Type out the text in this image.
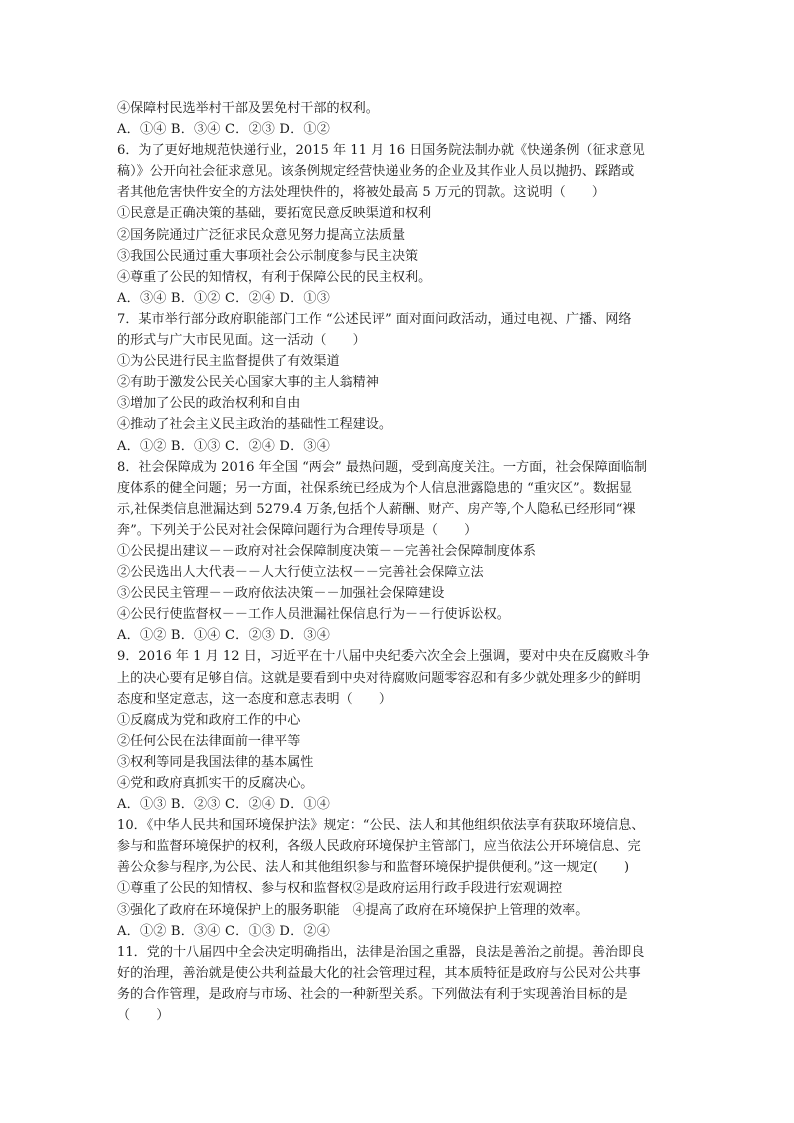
④保障村民选举村干部及罢免村干部的权利。

A．①④ B．③④ C．②③ D．①②

6．为了更好地规范快递行业，2015 年 11 月 16 日国务院法制办就《快递条例（征求意见

稿）》公开向社会征求意见。该条例规定经营快递业务的企业及其作业人员以抛扔、踩踏或

者其他危害快件安全的方法处理快件的，将被处最高 5 万元的罚款。这说明（　　）

①民意是正确决策的基础，要拓宽民意反映渠道和权利

②国务院通过广泛征求民众意见努力提高立法质量

③我国公民通过重大事项社会公示制度参与民主决策

④尊重了公民的知情权，有利于保障公民的民主权利。

A．③④ B．①② C．②④ D．①③

7．某市举行部分政府职能部门工作 “公述民评” 面对面问政活动，通过电视、广播、网络

的形式与广大市民见面。这一活动（　　）

①为公民进行民主监督提供了有效渠道

②有助于激发公民关心国家大事的主人翁精神

③增加了公民的政治权利和自由

④推动了社会主义民主政治的基础性工程建设。

A．①② B．①③ C．②④ D．③④

8．社会保障成为 2016 年全国 “两会” 最热问题，受到高度关注。一方面，社会保障面临制

度体系的健全问题；另一方面，社保系统已经成为个人信息泄露隐患的 “重灾区”。数据显

示,社保类信息泄漏达到 5279.4 万条,包括个人薪酬、财产、房产等,个人隐私已经形同“裸

奔”。下列关于公民对社会保障问题行为合理传导项是（　　）

①公民提出建议－－政府对社会保障制度决策－－完善社会保障制度体系

②公民选出人大代表－－人大行使立法权－－完善社会保障立法

③公民民主管理－－政府依法决策－－加强社会保障建设

④公民行使监督权－－工作人员泄漏社保信息行为－－行使诉讼权。

A．①② B．①④ C．②③ D．③④

9．2016 年 1 月 12 日，习近平在十八届中央纪委六次全会上强调，要对中央在反腐败斗争

上的决心要有足够自信。这就是要看到中央对待腐败问题零容忍和有多少就处理多少的鲜明

态度和坚定意志，这一态度和意志表明（　　）

①反腐成为党和政府工作的中心

②任何公民在法律面前一律平等

③权利等同是我国法律的基本属性

④党和政府真抓实干的反腐决心。

A．①③ B．②③ C．②④ D．①④

10．《中华人民共和国环境保护法》规定：“公民、法人和其他组织依法享有获取环境信息、

参与和监督环境保护的权利，各级人民政府环境保护主管部门，应当依法公开环境信息、完

善公众参与程序,为公民、法人和其他组织参与和监督环境保护提供便利。”这一规定(　　)

①尊重了公民的知情权、参与权和监督权②是政府运用行政手段进行宏观调控

③强化了政府在环境保护上的服务职能　④提高了政府在环境保护上管理的效率。

A．①② B．③④ C．①③ D．②④

11．党的十八届四中全会决定明确指出，法律是治国之重器，良法是善治之前提。善治即良

好的治理，善治就是使公共利益最大化的社会管理过程，其本质特征是政府与公民对公共事

务的合作管理，是政府与市场、社会的一种新型关系。下列做法有利于实现善治目标的是

（　　）
